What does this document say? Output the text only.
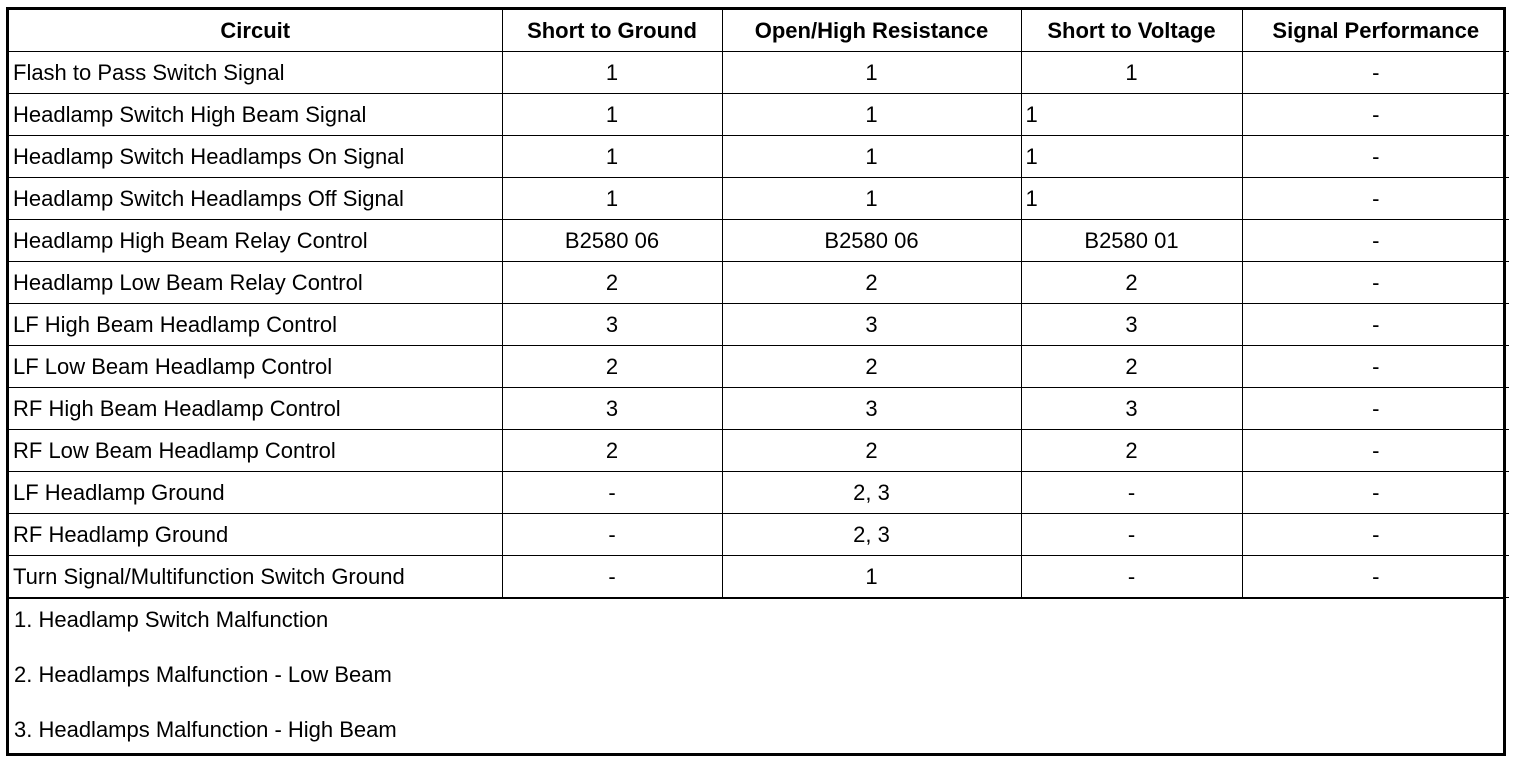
Circuit	Short to Ground	Open/High Resistance	Short to Voltage	Signal Performance
Flash to Pass Switch Signal	1	1	1	-
Headlamp Switch High Beam Signal	1	1	1	-
Headlamp Switch Headlamps On Signal	1	1	1	-
Headlamp Switch Headlamps Off Signal	1	1	1	-
Headlamp High Beam Relay Control	B2580 06	B2580 06	B2580 01	-
Headlamp Low Beam Relay Control	2	2	2	-
LF High Beam Headlamp Control	3	3	3	-
LF Low Beam Headlamp Control	2	2	2	-
RF High Beam Headlamp Control	3	3	3	-
RF Low Beam Headlamp Control	2	2	2	-
LF Headlamp Ground	-	2, 3	-	-
RF Headlamp Ground	-	2, 3	-	-
Turn Signal/Multifunction Switch Ground	-	1	-	-
1. Headlamp Switch Malfunction
2. Headlamps Malfunction - Low Beam
3. Headlamps Malfunction - High Beam
